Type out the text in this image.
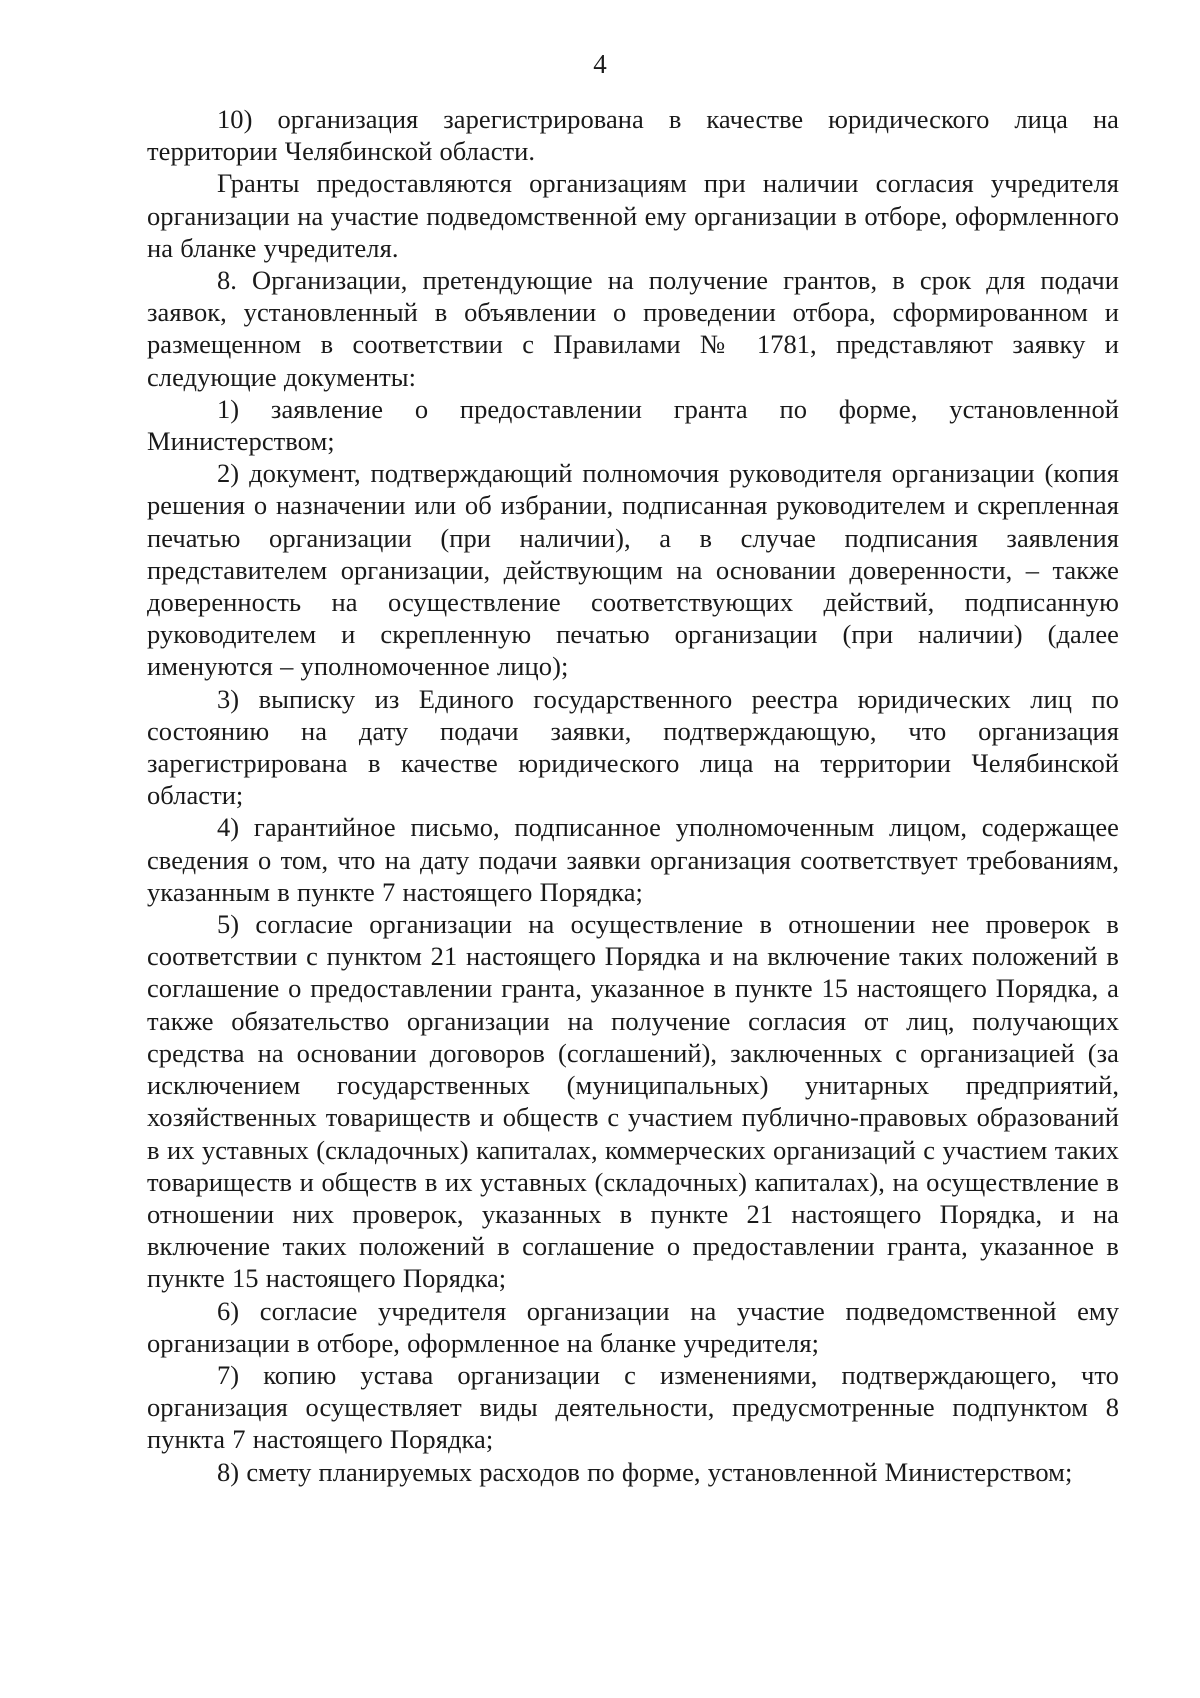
4

10) организация зарегистрирована в качестве юридического лица на территории Челябинской области.

Гранты предоставляются организациям при наличии согласия учредителя организации на участие подведомственной ему организации в отборе, оформленного на бланке учредителя.

8. Организации, претендующие на получение грантов, в срок для подачи заявок, установленный в объявлении о проведении отбора, сформированном и размещенном в соответствии с Правилами № 1781, представляют заявку и следующие документы:

1) заявление о предоставлении гранта по форме, установленной Министерством;

2) документ, подтверждающий полномочия руководителя организации (копия решения о назначении или об избрании, подписанная руководителем и скрепленная печатью организации (при наличии), а в случае подписания заявления представителем организации, действующим на основании доверенности, – также доверенность на осуществление соответствующих действий, подписанную руководителем и скрепленную печатью организации (при наличии) (далее именуются – уполномоченное лицо);

3) выписку из Единого государственного реестра юридических лиц по состоянию на дату подачи заявки, подтверждающую, что организация зарегистрирована в качестве юридического лица на территории Челябинской области;

4) гарантийное письмо, подписанное уполномоченным лицом, содержащее сведения о том, что на дату подачи заявки организация соответствует требованиям, указанным в пункте 7 настоящего Порядка;

5) согласие организации на осуществление в отношении нее проверок в соответствии с пунктом 21 настоящего Порядка и на включение таких положений в соглашение о предоставлении гранта, указанное в пункте 15 настоящего Порядка, а также обязательство организации на получение согласия от лиц, получающих средства на основании договоров (соглашений), заключенных с организацией (за исключением государственных (муниципальных) унитарных предприятий, хозяйственных товариществ и обществ с участием публично-правовых образований в их уставных (складочных) капиталах, коммерческих организаций с участием таких товариществ и обществ в их уставных (складочных) капиталах), на осуществление в отношении них проверок, указанных в пункте 21 настоящего Порядка, и на включение таких положений в соглашение о предоставлении гранта, указанное в пункте 15 настоящего Порядка;

6) согласие учредителя организации на участие подведомственной ему организации в отборе, оформленное на бланке учредителя;

7) копию устава организации с изменениями, подтверждающего, что организация осуществляет виды деятельности, предусмотренные подпунктом 8 пункта 7 настоящего Порядка;

8) смету планируемых расходов по форме, установленной Министерством;
